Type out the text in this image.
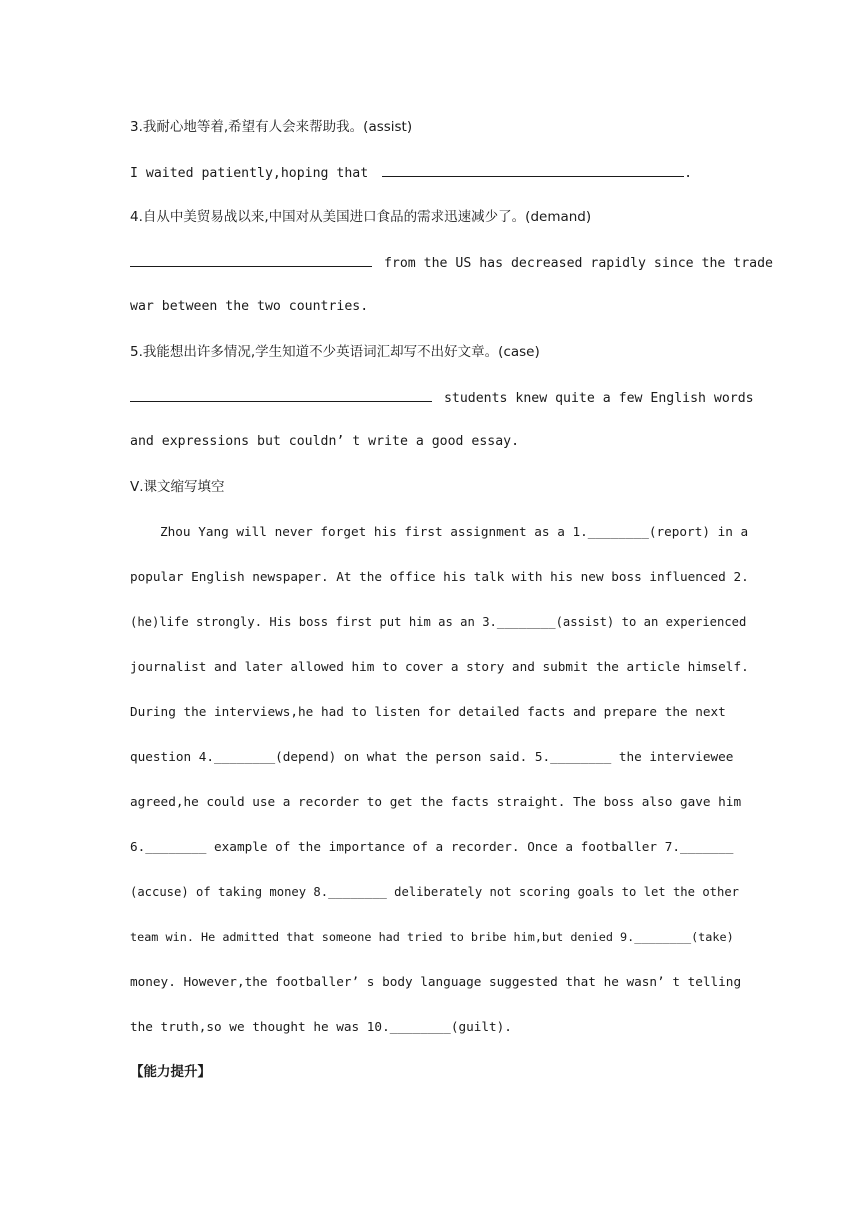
3.我耐心地等着,希望有人会来帮助我。(assist)
I waited patiently,hoping that	.
4.自从中美贸易战以来,中国对从美国进口食品的需求迅速减少了。(demand)
from the US has decreased rapidly since the trade
war between the two countries.
5.我能想出许多情况,学生知道不少英语词汇却写不出好文章。(case)
students knew quite a few English words
and expressions but couldn’ t write a good essay.
Ⅴ.课文缩写填空
Zhou Yang will never forget his first assignment as a 1.________(report) in a
popular English newspaper. At the office his talk with his new boss influenced 2.
(he)life strongly. His boss first put him as an 3.________(assist) to an experienced
journalist and later allowed him to cover a story and submit the article himself.
During the interviews,he had to listen for detailed facts and prepare the next
question 4.________(depend) on what the person said. 5.________ the interviewee
agreed,he could use a recorder to get the facts straight. The boss also gave him
6.________ example of the importance of a recorder. Once a footballer 7._______
(accuse) of taking money 8.________ deliberately not scoring goals to let the other
team win. He admitted that someone had tried to bribe him,but denied 9.________(take)
money. However,the footballer’ s body language suggested that he wasn’ t telling
the truth,so we thought he was 10.________(guilt).
【能力提升】
